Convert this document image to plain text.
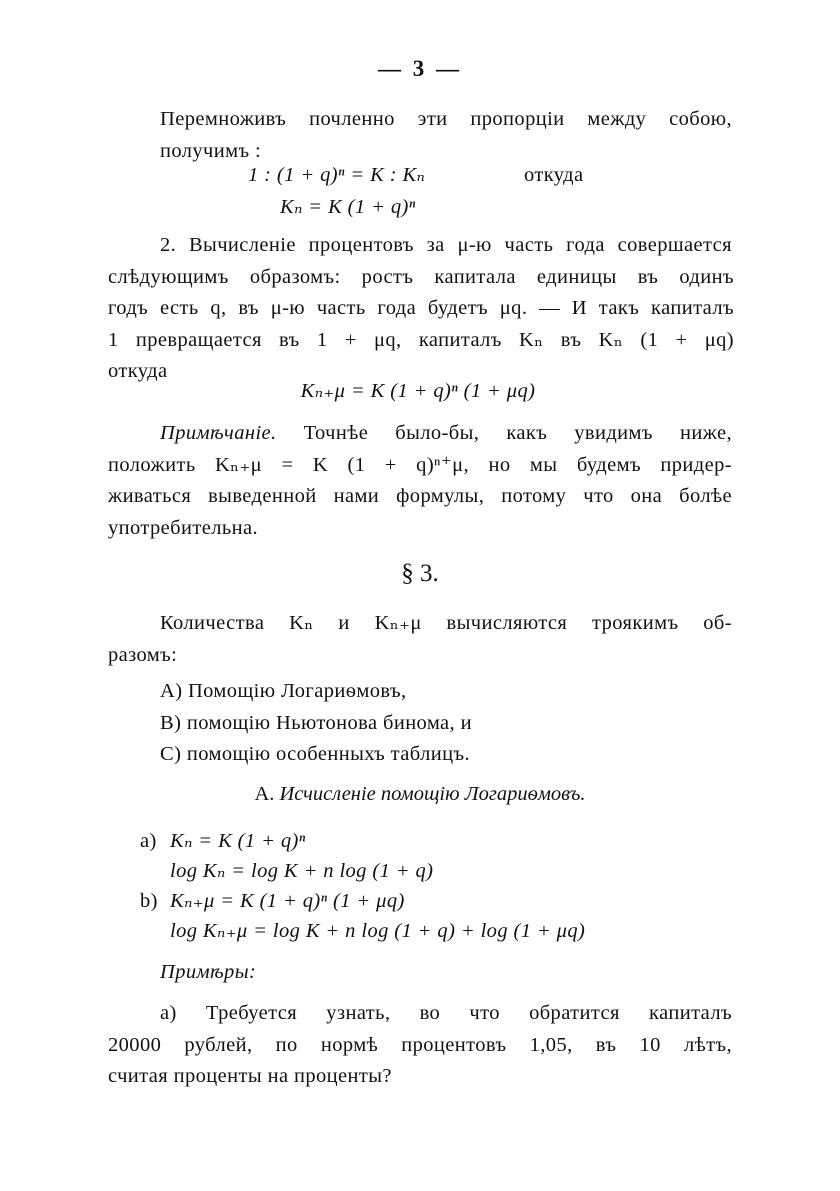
— 3 —
Перемноживъ почленно эти пропорціи между собою,
получимъ :
1 : (1 + q)ⁿ = K : Kₙ	откуда
Kₙ = K (1 + q)ⁿ
2. Вычисленіе процентовъ за μ-ю часть года совершается
слѣдующимъ образомъ: ростъ капитала единицы въ одинъ
годъ есть q, въ μ-ю часть года будетъ μq. — И такъ капиталъ
1 превращается въ 1 + μq, капиталъ Kₙ въ Kₙ (1 + μq)
откуда
Kₙ₊μ = K (1 + q)ⁿ (1 + μq)
Примѣчаніе. Точнѣе было-бы, какъ увидимъ ниже,
положить Kₙ₊μ = K (1 + q)ⁿ⁺μ, но мы будемъ придер-
живаться выведенной нами формулы, потому что она болѣе
употребительна.
§ 3.
Количества Kₙ и Kₙ₊μ вычисляются троякимъ об-
разомъ:
A) Помощію Логариѳмовъ,
B) помощію Ньютонова бинома, и
C) помощію особенныхъ таблицъ.
A. Исчисленіе помощію Логариѳмовъ.
a) Kₙ = K (1 + q)ⁿ
log Kₙ = log K + n log (1 + q)
b) Kₙ₊μ = K (1 + q)ⁿ (1 + μq)
log Kₙ₊μ = log K + n log (1 + q) + log (1 + μq)
Примѣры:
a) Требуется узнать, во что обратится капиталъ
20000 рублей, по нормѣ процентовъ 1,05, въ 10 лѣтъ,
считая проценты на проценты?
